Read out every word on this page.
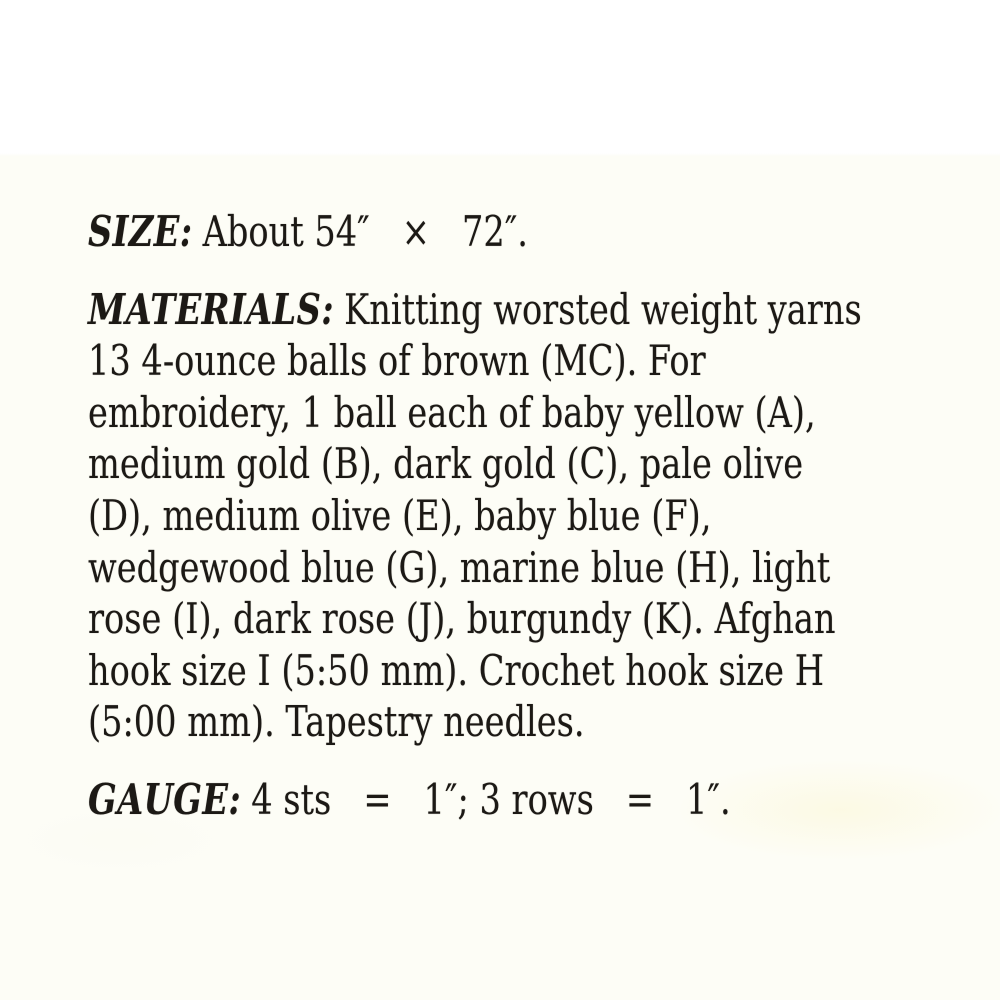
SIZE: About 54″   ×   72″.
MATERIALS: Knitting worsted weight yarns
13 4-ounce balls of brown (MC). For
embroidery, 1 ball each of baby yellow (A),
medium gold (B), dark gold (C), pale olive
(D), medium olive (E), baby blue (F),
wedgewood blue (G), marine blue (H), light
rose (I), dark rose (J), burgundy (K). Afghan
hook size I (5:50 mm). Crochet hook size H
(5:00 mm). Tapestry needles.
GAUGE: 4 sts   =   1″; 3 rows   =   1″.
